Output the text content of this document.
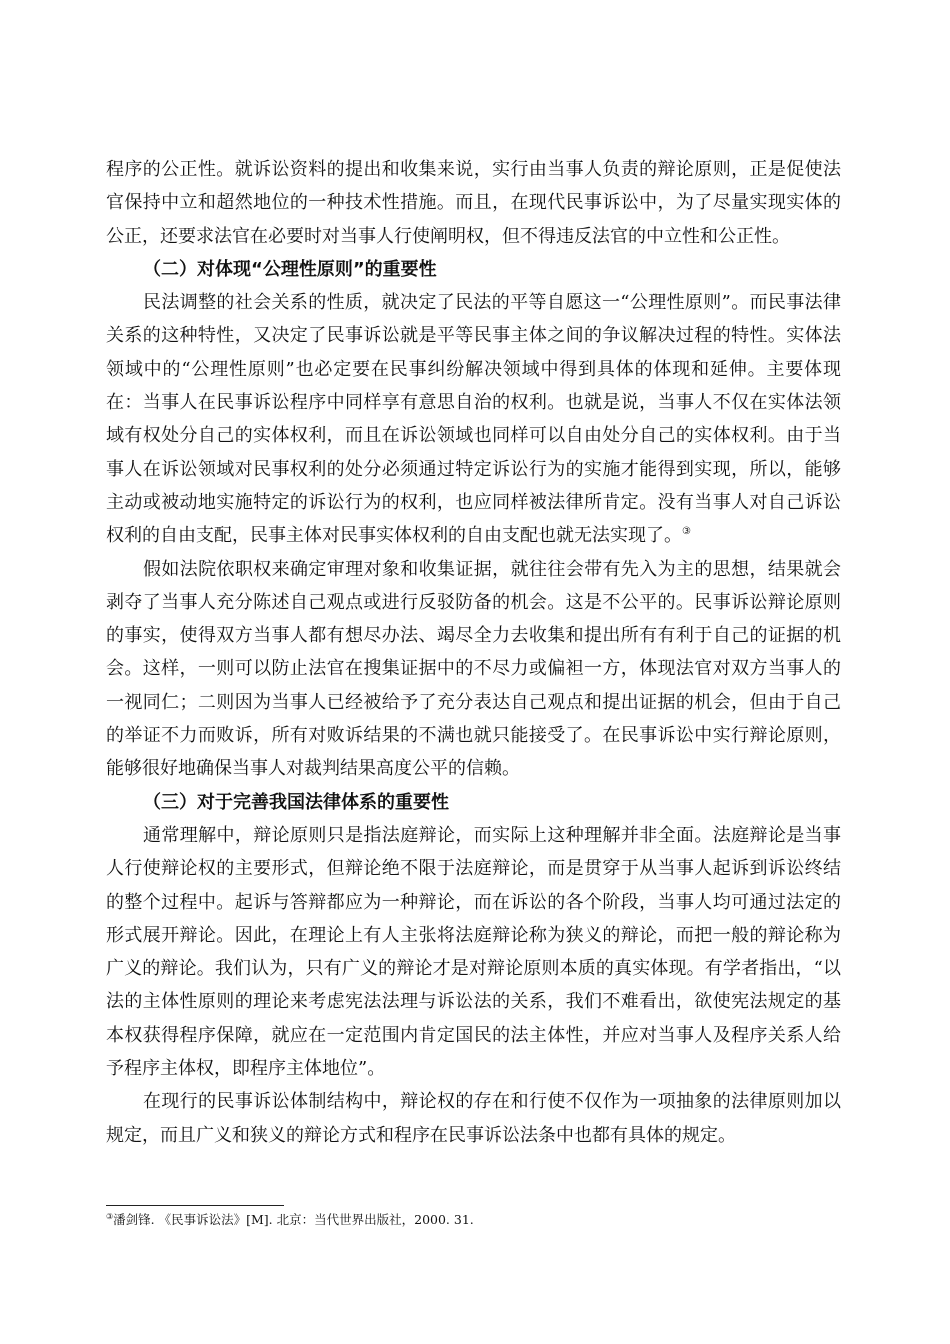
程序的公正性。就诉讼资料的提出和收集来说，实行由当事人负责的辩论原则，正是促使法官保持中立和超然地位的一种技术性措施。而且，在现代民事诉讼中，为了尽量实现实体的公正，还要求法官在必要时对当事人行使阐明权，但不得违反法官的中立性和公正性。

（二）对体现“公理性原则”的重要性

民法调整的社会关系的性质，就决定了民法的平等自愿这一“公理性原则”。而民事法律关系的这种特性，又决定了民事诉讼就是平等民事主体之间的争议解决过程的特性。实体法领域中的“公理性原则”也必定要在民事纠纷解决领域中得到具体的体现和延伸。主要体现在：当事人在民事诉讼程序中同样享有意思自治的权利。也就是说，当事人不仅在实体法领域有权处分自己的实体权利，而且在诉讼领域也同样可以自由处分自己的实体权利。由于当事人在诉讼领域对民事权利的处分必须通过特定诉讼行为的实施才能得到实现，所以，能够主动或被动地实施特定的诉讼行为的权利，也应同样被法律所肯定。没有当事人对自己诉讼权利的自由支配，民事主体对民事实体权利的自由支配也就无法实现了。③

假如法院依职权来确定审理对象和收集证据，就往往会带有先入为主的思想，结果就会剥夺了当事人充分陈述自己观点或进行反驳防备的机会。这是不公平的。民事诉讼辩论原则的事实，使得双方当事人都有想尽办法、竭尽全力去收集和提出所有有利于自己的证据的机会。这样，一则可以防止法官在搜集证据中的不尽力或偏袒一方，体现法官对双方当事人的一视同仁；二则因为当事人已经被给予了充分表达自己观点和提出证据的机会，但由于自己的举证不力而败诉，所有对败诉结果的不满也就只能接受了。在民事诉讼中实行辩论原则，能够很好地确保当事人对裁判结果高度公平的信赖。

（三）对于完善我国法律体系的重要性

通常理解中，辩论原则只是指法庭辩论，而实际上这种理解并非全面。法庭辩论是当事人行使辩论权的主要形式，但辩论绝不限于法庭辩论，而是贯穿于从当事人起诉到诉讼终结的整个过程中。起诉与答辩都应为一种辩论，而在诉讼的各个阶段，当事人均可通过法定的形式展开辩论。因此，在理论上有人主张将法庭辩论称为狭义的辩论，而把一般的辩论称为广义的辩论。我们认为，只有广义的辩论才是对辩论原则本质的真实体现。有学者指出，“以法的主体性原则的理论来考虑宪法法理与诉讼法的关系，我们不难看出，欲使宪法规定的基本权获得程序保障，就应在一定范围内肯定国民的法主体性，并应对当事人及程序关系人给予程序主体权，即程序主体地位”。

在现行的民事诉讼体制结构中，辩论权的存在和行使不仅作为一项抽象的法律原则加以规定，而且广义和狭义的辩论方式和程序在民事诉讼法条中也都有具体的规定。

③潘剑锋. 《民事诉讼法》[M]. 北京：当代世界出版社，2000. 31.
